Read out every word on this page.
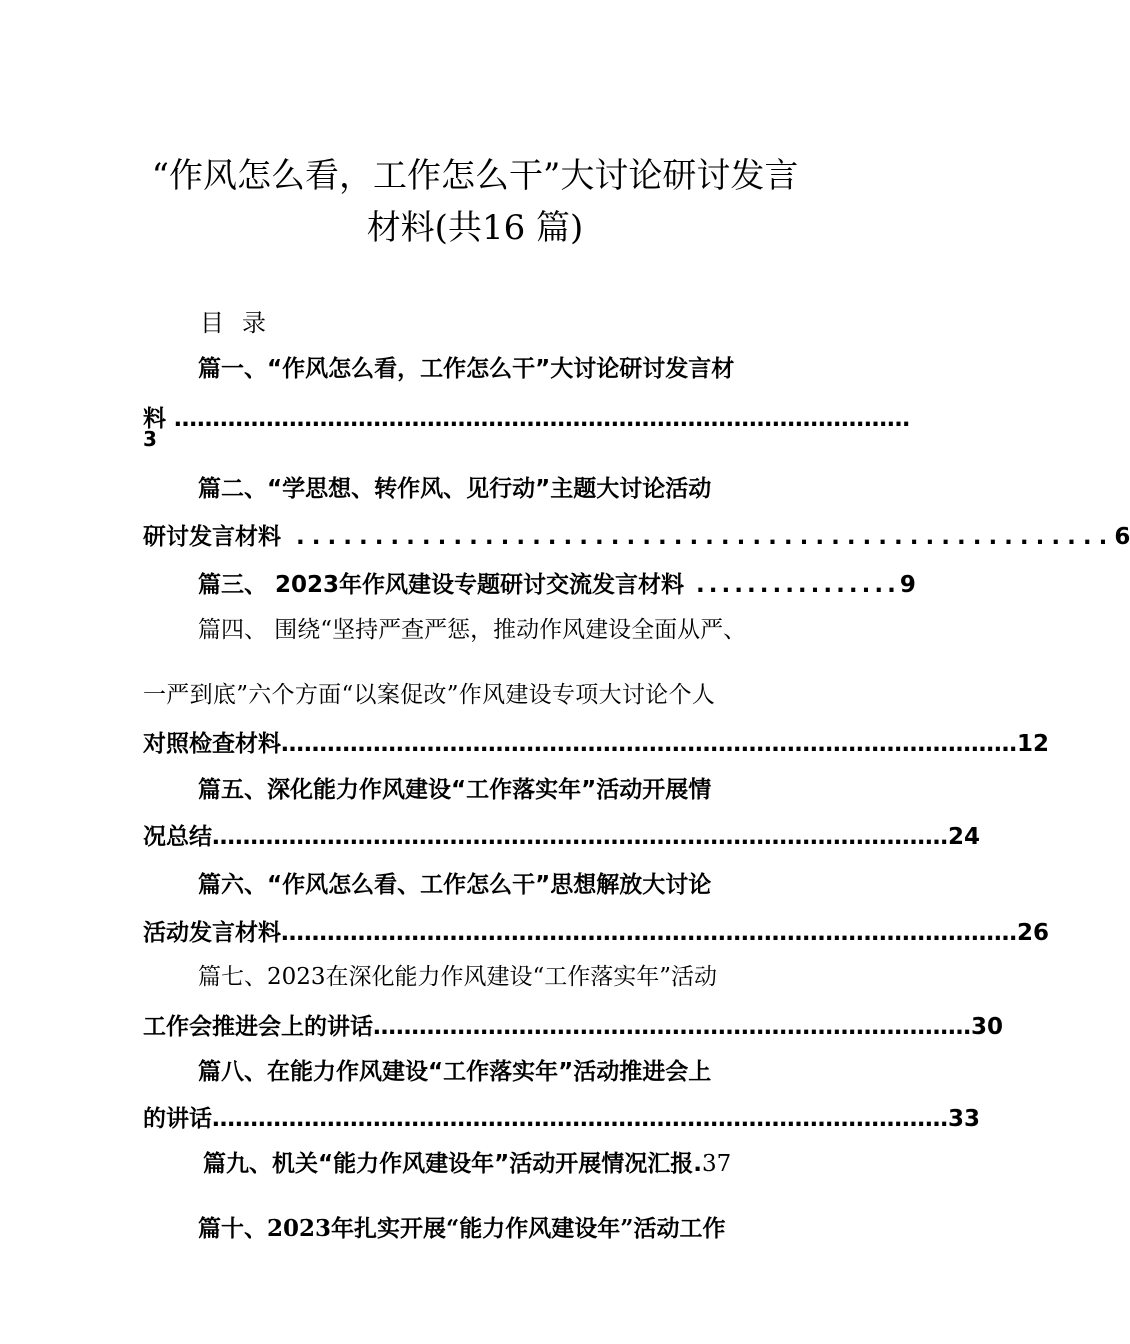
“作风怎么看，工作怎么干”大讨论研讨发言
材料(共16 篇)
目录
篇一、“作风怎么看，工作怎么干”大讨论研讨发言材
料 ……………………………………………………………………………………
3
篇二、“学思想、转作风、见行动”主题大讨论活动
研讨发言材料 .................................................... 6
篇三、 2023年作风建设专题研讨交流发言材料 ................ 9
篇四、 围绕“坚持严查严惩，推动作风建设全面从严、
一严到底”六个方面“以案促改”作风建设专项大讨论个人
对照检查材料 …………………………………………………………………………………… 12
篇五、深化能力作风建设“工作落实年”活动开展情
况总结 …………………………………………………………………………………… 24
篇六、“作风怎么看、工作怎么干”思想解放大讨论
活动发言材料 …………………………………………………………………………………… 26
篇七、2023在深化能力作风建设“工作落实年”活动
工作会推进会上的讲话 …………………………………………………………………… 30
篇八、在能力作风建设“工作落实年”活动推进会上
的讲话 …………………………………………………………………………………… 33
篇九、机关“能力作风建设年”活动开展情况汇报. 37
篇十、2023年扎实开展“能力作风建设年”活动工作
